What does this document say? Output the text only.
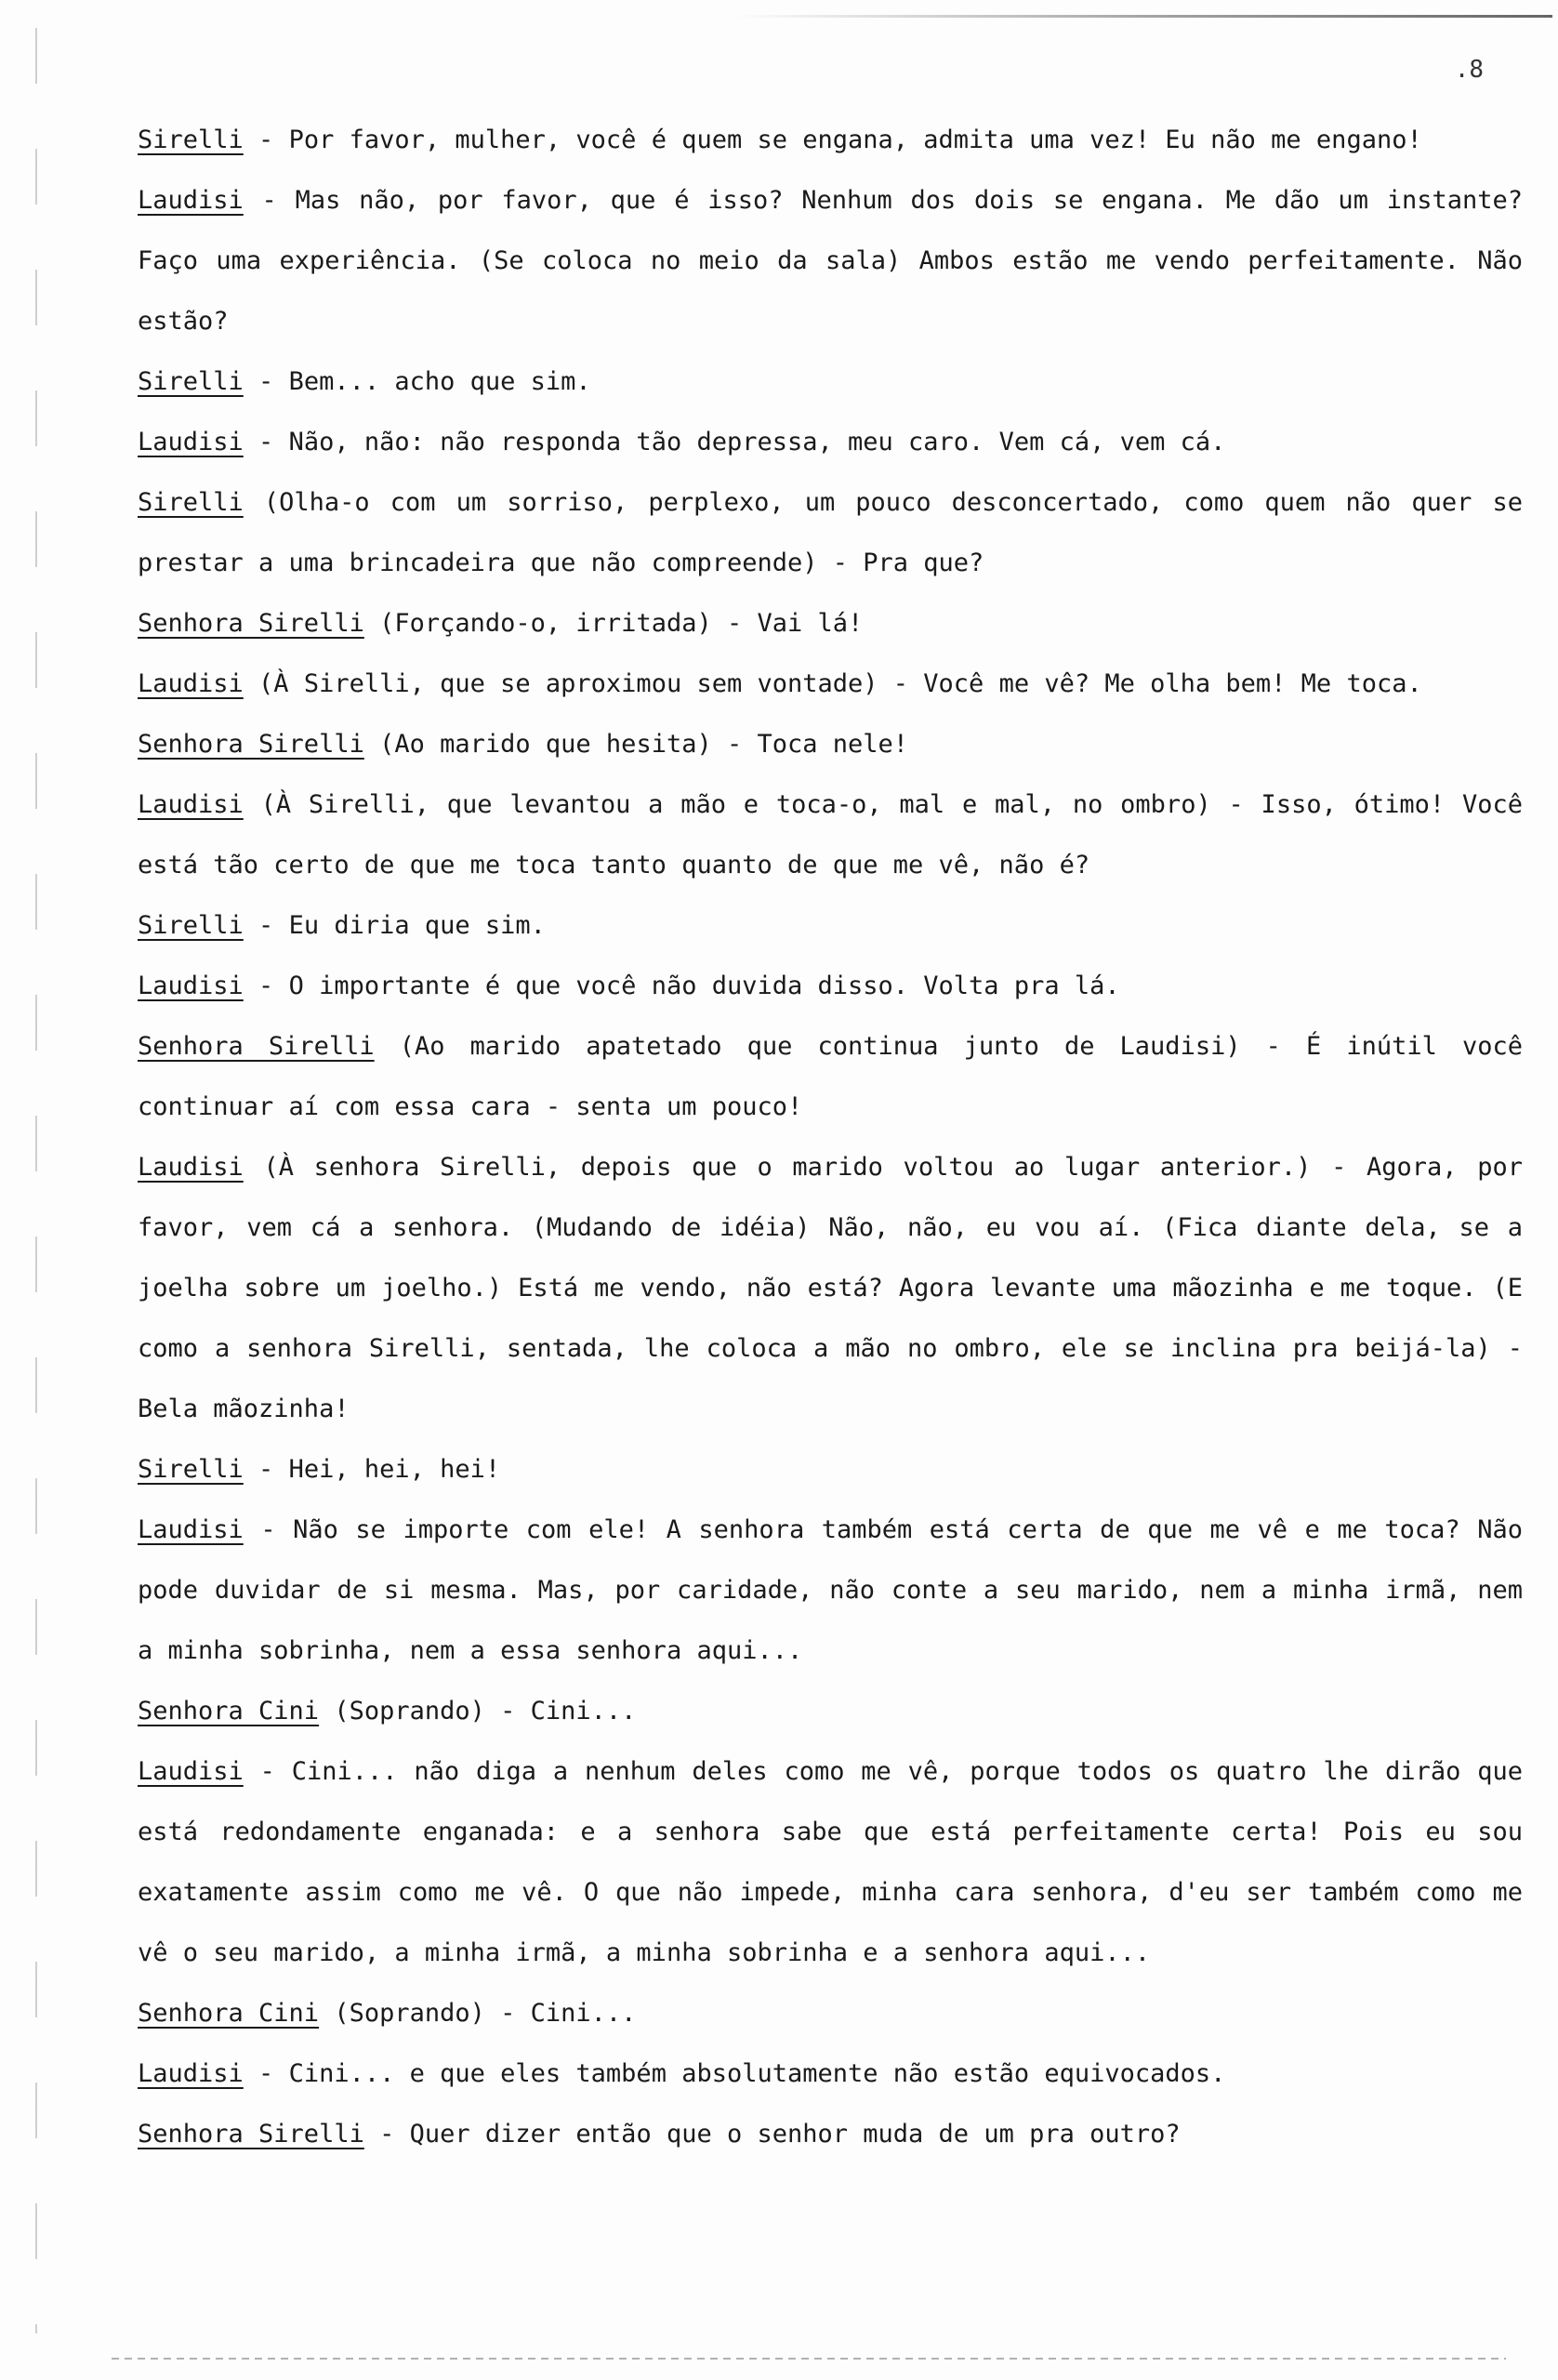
.8

Sirelli - Por favor, mulher, você é quem se engana, admita uma vez! Eu não me engano!

Laudisi - Mas não, por favor, que é isso? Nenhum dos dois se engana. Me dão um instante? Faço uma experiência. (Se coloca no meio da sala) Ambos estão me vendo perfeitamente. Não estão?

Sirelli - Bem... acho que sim.

Laudisi - Não, não: não responda tão depressa, meu caro. Vem cá, vem cá.

Sirelli (Olha-o com um sorriso, perplexo, um pouco desconcertado, como quem não quer se prestar a uma brincadeira que não compreende) - Pra que?

Senhora Sirelli (Forçando-o, irritada) - Vai lá!

Laudisi (À Sirelli, que se aproximou sem vontade) - Você me vê? Me olha bem! Me toca.

Senhora Sirelli (Ao marido que hesita) - Toca nele!

Laudisi (À Sirelli, que levantou a mão e toca-o, mal e mal, no ombro) - Isso, ótimo! Você está tão certo de que me toca tanto quanto de que me vê, não é?

Sirelli - Eu diria que sim.

Laudisi - O importante é que você não duvida disso. Volta pra lá.

Senhora Sirelli (Ao marido apatetado que continua junto de Laudisi) - É inútil você continuar aí com essa cara - senta um pouco!

Laudisi (À senhora Sirelli, depois que o marido voltou ao lugar anterior.) - Agora, por favor, vem cá a senhora. (Mudando de idéia) Não, não, eu vou aí. (Fica diante dela, se a joelha sobre um joelho.) Está me vendo, não está? Agora levante uma mãozinha e me toque. (E como a senhora Sirelli, sentada, lhe coloca a mão no ombro, ele se inclina pra beijá-la) - Bela mãozinha!

Sirelli - Hei, hei, hei!

Laudisi - Não se importe com ele! A senhora também está certa de que me vê e me toca? Não pode duvidar de si mesma. Mas, por caridade, não conte a seu marido, nem a minha irmã, nem a minha sobrinha, nem a essa senhora aqui...

Senhora Cini (Soprando) - Cini...

Laudisi - Cini... não diga a nenhum deles como me vê, porque todos os quatro lhe dirão que está redondamente enganada: e a senhora sabe que está perfeitamente certa! Pois eu sou exatamente assim como me vê. O que não impede, minha cara senhora, d'eu ser também como me vê o seu marido, a minha irmã, a minha sobrinha e a senhora aqui...

Senhora Cini (Soprando) - Cini...

Laudisi - Cini... e que eles também absolutamente não estão equivocados.

Senhora Sirelli - Quer dizer então que o senhor muda de um pra outro?
